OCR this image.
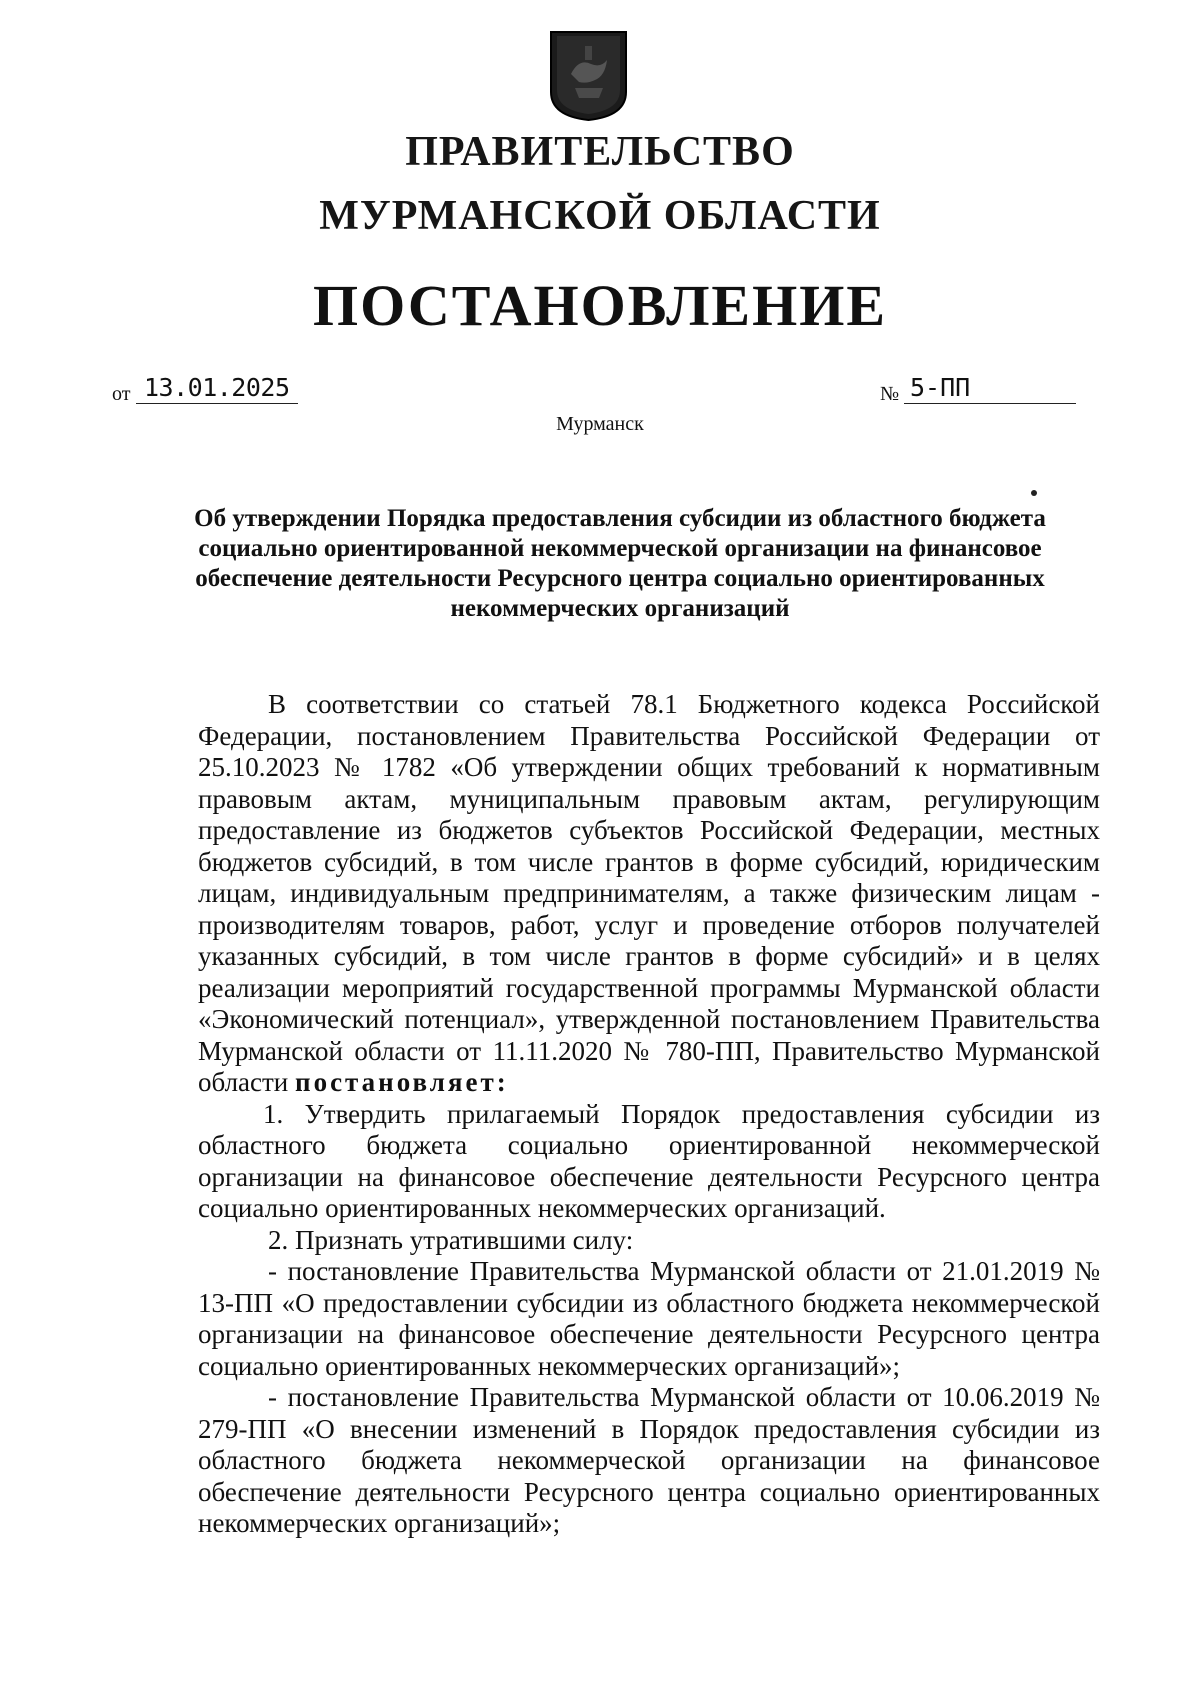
ПРАВИТЕЛЬСТВО
МУРМАНСКОЙ ОБЛАСТИ
ПОСТАНОВЛЕНИЕ
от 13.01.2025	№ 5-ПП
Мурманск
Об утверждении Порядка предоставления субсидии из областного бюджета социально ориентированной некоммерческой организации на финансовое обеспечение деятельности Ресурсного центра социально ориентированных некоммерческих организаций

В соответствии со статьей 78.1 Бюджетного кодекса Российской Федерации, постановлением Правительства Российской Федерации от 25.10.2023 № 1782 «Об утверждении общих требований к нормативным правовым актам, муниципальным правовым актам, регулирующим предоставление из бюджетов субъектов Российской Федерации, местных бюджетов субсидий, в том числе грантов в форме субсидий, юридическим лицам, индивидуальным предпринимателям, а также физическим лицам - производителям товаров, работ, услуг и проведение отборов получателей указанных субсидий, в том числе грантов в форме субсидий» и в целях реализации мероприятий государственной программы Мурманской области «Экономический потенциал», утвержденной постановлением Правительства Мурманской области от 11.11.2020 № 780-ПП, Правительство Мурманской области постановляет:

1. Утвердить прилагаемый Порядок предоставления субсидии из областного бюджета социально ориентированной некоммерческой организации на финансовое обеспечение деятельности Ресурсного центра социально ориентированных некоммерческих организаций.

2. Признать утратившими силу:

- постановление Правительства Мурманской области от 21.01.2019 № 13-ПП «О предоставлении субсидии из областного бюджета некоммерческой организации на финансовое обеспечение деятельности Ресурсного центра социально ориентированных некоммерческих организаций»;

- постановление Правительства Мурманской области от 10.06.2019 № 279-ПП «О внесении изменений в Порядок предоставления субсидии из областного бюджета некоммерческой организации на финансовое обеспечение деятельности Ресурсного центра социально ориентированных некоммерческих организаций»;
